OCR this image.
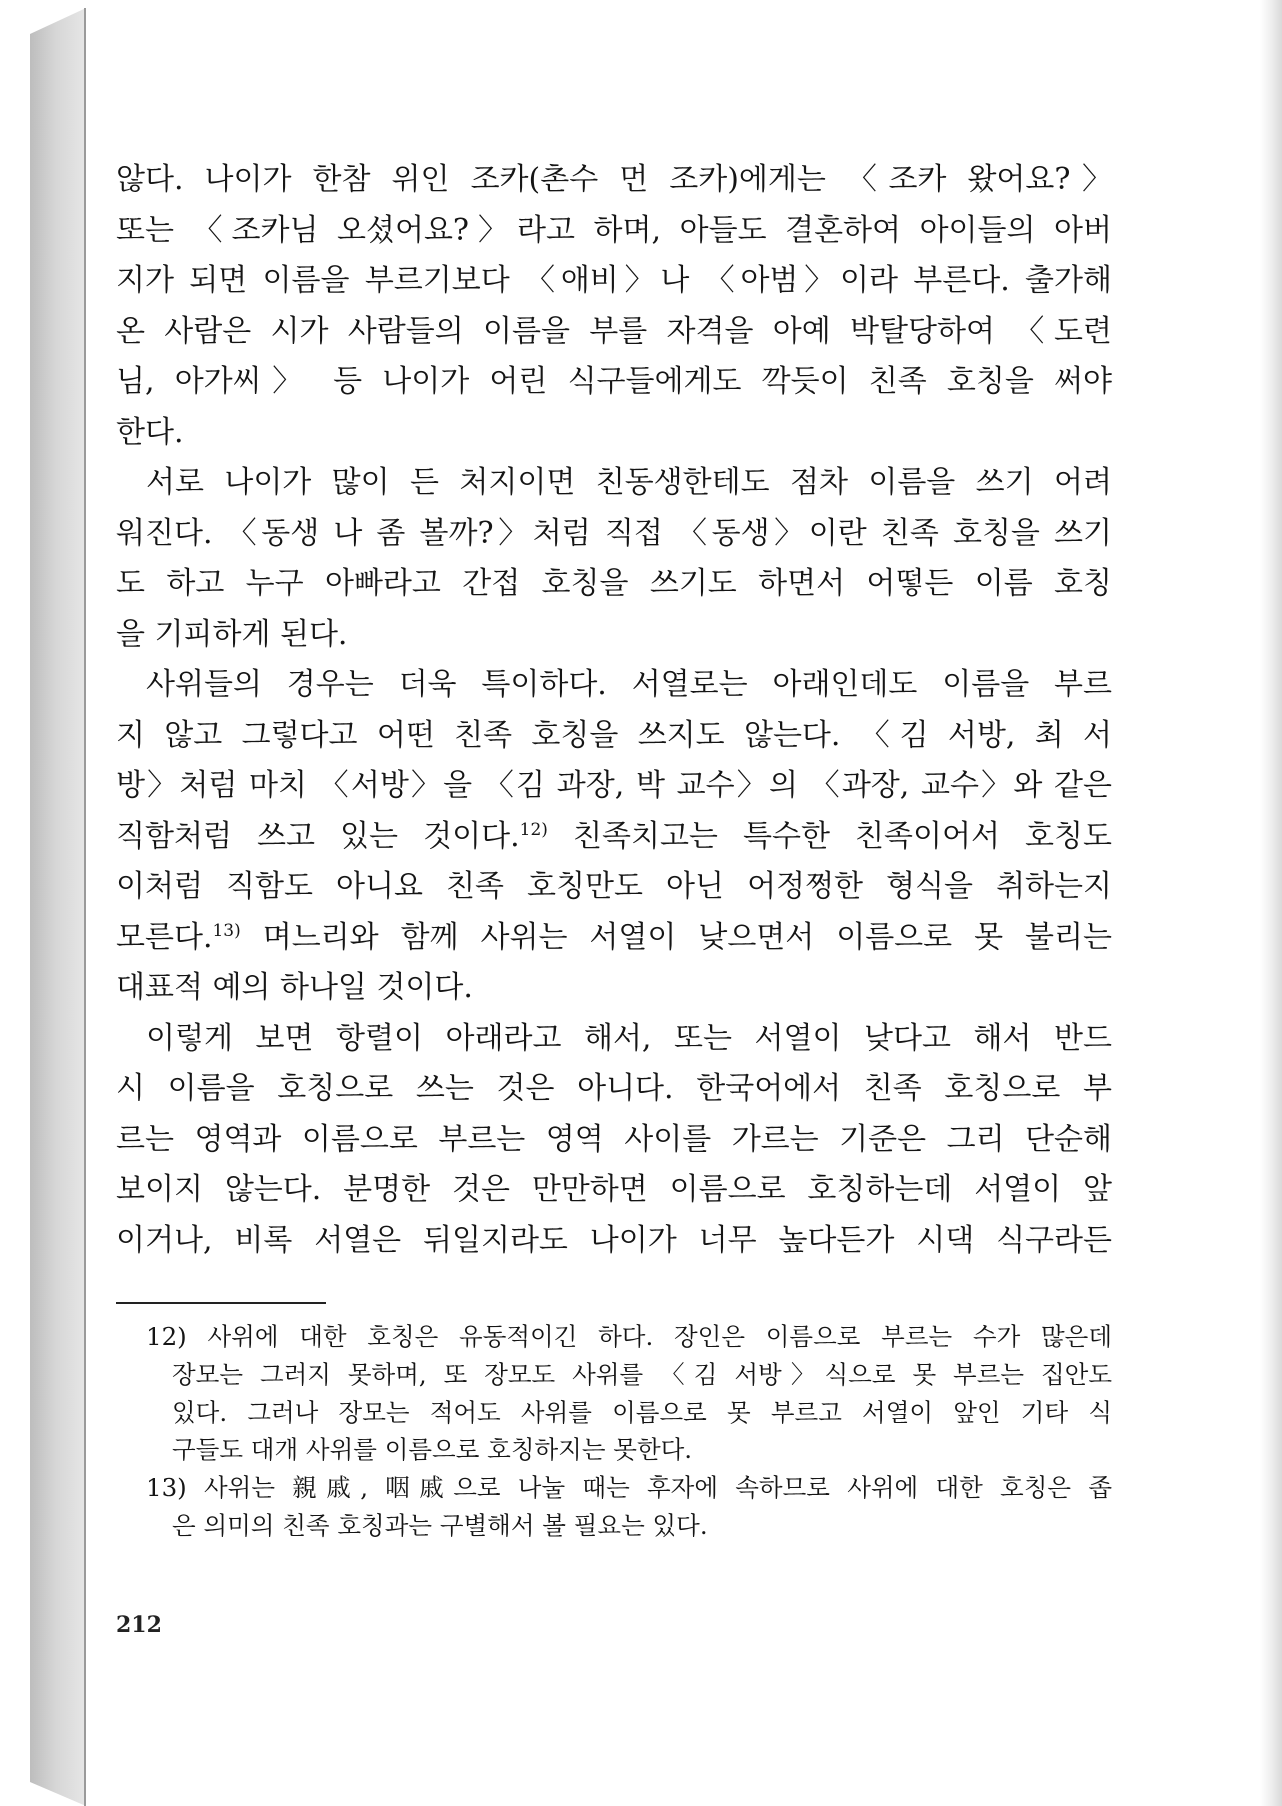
않다. 나이가 한참 위인 조카(촌수 먼 조카)에게는 〈조카 왔어요?〉
또는 〈조카님 오셨어요?〉라고 하며, 아들도 결혼하여 아이들의 아버
지가 되면 이름을 부르기보다 〈애비〉나 〈아범〉이라 부른다. 출가해
온 사람은 시가 사람들의 이름을 부를 자격을 아예 박탈당하여 〈도련
님, 아가씨〉 등 나이가 어린 식구들에게도 깍듯이 친족 호칭을 써야
한다.
서로 나이가 많이 든 처지이면 친동생한테도 점차 이름을 쓰기 어려
워진다. 〈동생 나 좀 볼까?〉처럼 직접 〈동생〉이란 친족 호칭을 쓰기
도 하고 누구 아빠라고 간접 호칭을 쓰기도 하면서 어떻든 이름 호칭
을 기피하게 된다.
사위들의 경우는 더욱 특이하다. 서열로는 아래인데도 이름을 부르
지 않고 그렇다고 어떤 친족 호칭을 쓰지도 않는다. 〈김 서방, 최 서
방〉처럼 마치 〈서방〉을 〈김 과장, 박 교수〉의 〈과장, 교수〉와 같은
직함처럼 쓰고 있는 것이다.$^{12)}$ 친족치고는 특수한 친족이어서 호칭도
이처럼 직함도 아니요 친족 호칭만도 아닌 어정쩡한 형식을 취하는지
모른다.$^{13)}$ 며느리와 함께 사위는 서열이 낮으면서 이름으로 못 불리는
대표적 예의 하나일 것이다.
이렇게 보면 항렬이 아래라고 해서, 또는 서열이 낮다고 해서 반드
시 이름을 호칭으로 쓰는 것은 아니다. 한국어에서 친족 호칭으로 부
르는 영역과 이름으로 부르는 영역 사이를 가르는 기준은 그리 단순해
보이지 않는다. 분명한 것은 만만하면 이름으로 호칭하는데 서열이 앞
이거나, 비록 서열은 뒤일지라도 나이가 너무 높다든가 시댁 식구라든
12) 사위에 대한 호칭은 유동적이긴 하다. 장인은 이름으로 부르는 수가 많은데
장모는 그러지 못하며, 또 장모도 사위를 〈김 서방〉식으로 못 부르는 집안도
있다. 그러나 장모는 적어도 사위를 이름으로 못 부르고 서열이 앞인 기타 식
구들도 대개 사위를 이름으로 호칭하지는 못한다.
13) 사위는 親戚, 咽戚으로 나눌 때는 후자에 속하므로 사위에 대한 호칭은 좁
은 의미의 친족 호칭과는 구별해서 볼 필요는 있다.
212
